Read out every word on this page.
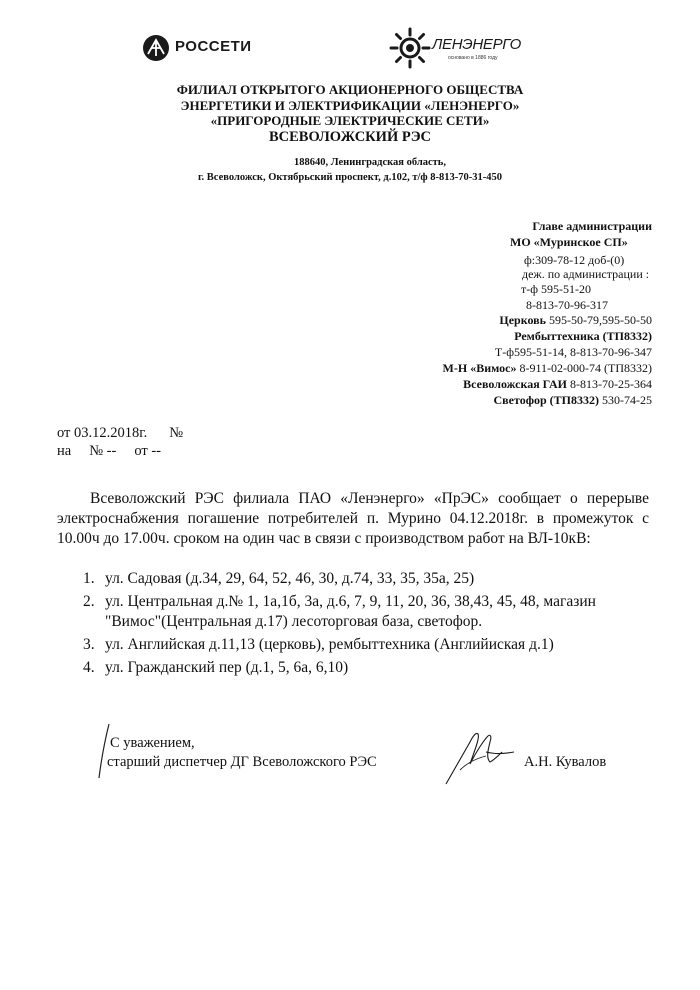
РОССЕТИ	ЛЕНЭНЕРГО
основано в 1886 году
ФИЛИАЛ ОТКРЫТОГО АКЦИОНЕРНОГО ОБЩЕСТВА
ЭНЕРГЕТИКИ И ЭЛЕКТРИФИКАЦИИ «ЛЕНЭНЕРГО»
«ПРИГОРОДНЫЕ ЭЛЕКТРИЧЕСКИЕ СЕТИ»
ВСЕВОЛОЖСКИЙ РЭС
188640, Ленинградская область,
г. Всеволожск, Октябрьский проспект, д.102, т/ф 8-813-70-31-450
Главе администрации
МО «Муринское СП»
ф:309-78-12 доб-(0)
деж. по администрации :
т-ф 595-51-20
8-813-70-96-317
Церковь 595-50-79,595-50-50
Рембыттехника (ТП8332)
Т-ф595-51-14, 8-813-70-96-347
М-Н «Вимос» 8-911-02-000-74 (ТП8332)
Всеволожская ГАИ 8-813-70-25-364
Светофор (ТП8332) 530-74-25
от 03.12.2018г. №
на № -- от --
Всеволожский РЭС филиала ПАО «Ленэнерго» «ПрЭС» сообщает о перерыве электроснабжения погашение потребителей п. Мурино 04.12.2018г. в промежуток с 10.00ч до 17.00ч. сроком на один час в связи с производством работ на ВЛ-10кВ:
1. ул. Садовая (д.34, 29, 64, 52, 46, 30, д.74, 33, 35, 35а, 25)
2. ул. Центральная д.№ 1, 1а,1б, 3а, д.6, 7, 9, 11, 20, 36, 38,43, 45, 48, магазин "Вимос"(Центральная д.17) лесоторговая база, светофор.
3. ул. Английская д.11,13 (церковь), рембыттехника (Английиская д.1)
4. ул. Гражданский пер (д.1, 5, 6а, 6,10)
С уважением,
старший диспетчер ДГ Всеволожского РЭС	А.Н. Кувалов
